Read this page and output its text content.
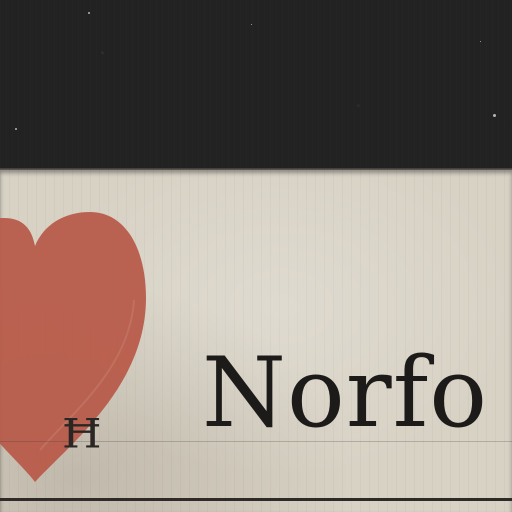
ꟸ Norfo
